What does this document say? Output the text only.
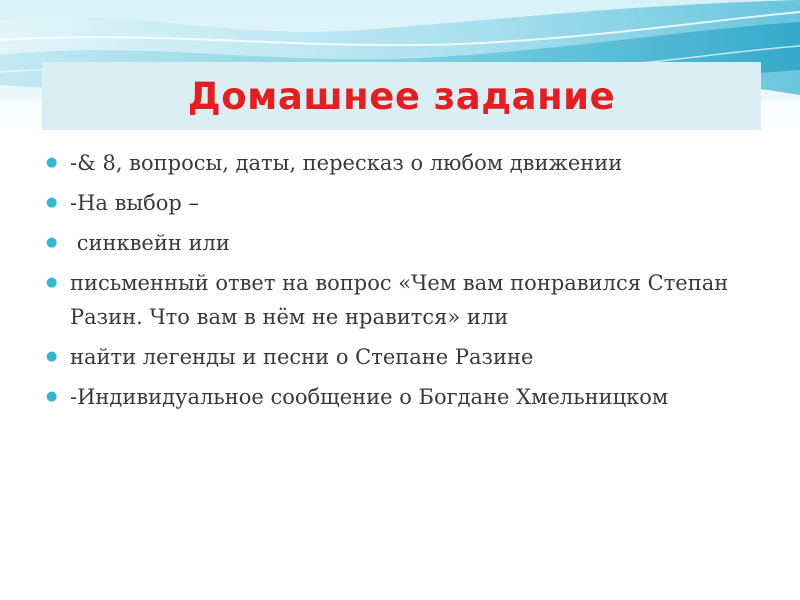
Домашнее задание
● -& 8, вопросы, даты, пересказ о любом движении
● -На выбор –
● синквейн или
● письменный ответ на вопрос «Чем вам понравился Степан Разин. Что вам в нём не нравится» или
● найти легенды и песни о Степане Разине
● -Индивидуальное сообщение о Богдане Хмельницком
